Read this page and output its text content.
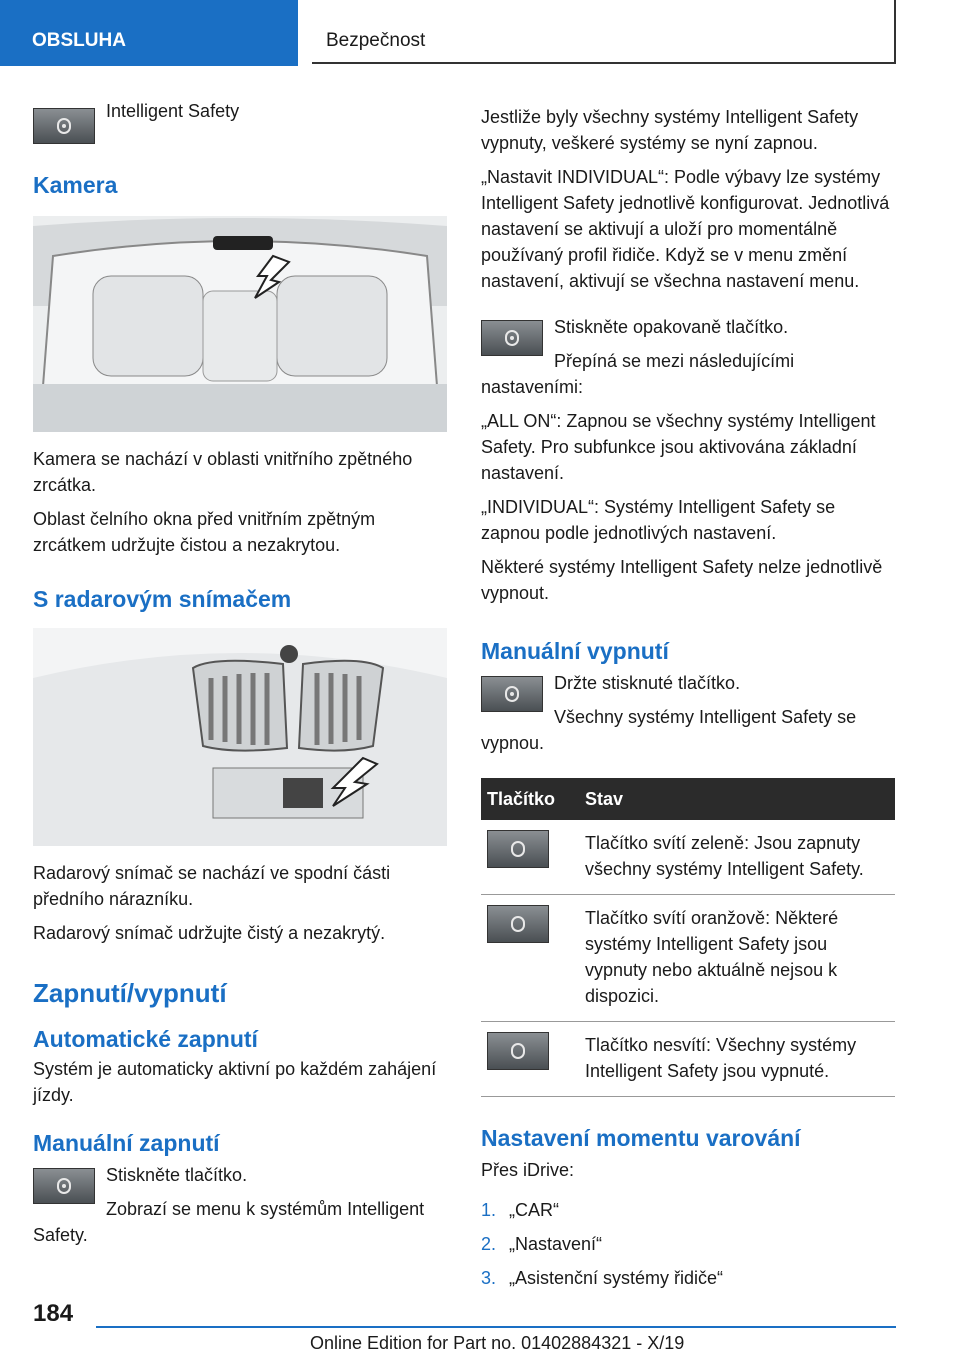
OBSLUHA	Bezpečnost
Intelligent Safety
Kamera

Kamera se nachází v oblasti vnitřního zpětného zrcátka.

Oblast čelního okna před vnitřním zpětným zrcátkem udržujte čistou a nezakrytou.

S radarovým snímačem

Radarový snímač se nachází ve spodní části předního nárazníku.

Radarový snímač udržujte čistý a nezakrytý.

Zapnutí/vypnutí
Automatické zapnutí

Systém je automaticky aktivní po každém zahájení jízdy.

Manuální zapnutí

Stiskněte tlačítko.

Zobrazí se menu k systémům Intelligent Safety.

Jestliže byly všechny systémy Intelligent Safety vypnuty, veškeré systémy se nyní zapnou.

„Nastavit INDIVIDUAL“: Podle výbavy lze systémy Intelligent Safety jednotlivě konfigurovat. Jednotlivá nastavení se aktivují a uloží pro momentálně používaný profil řidiče. Když se v menu změní nastavení, aktivují se všechna nastavení menu.

Stiskněte opakovaně tlačítko.

Přepíná se mezi následujícími nastaveními:

„ALL ON“: Zapnou se všechny systémy Intelligent Safety. Pro subfunkce jsou aktivována základní nastavení.

„INDIVIDUAL“: Systémy Intelligent Safety se zapnou podle jednotlivých nastavení.

Některé systémy Intelligent Safety nelze jednotlivě vypnout.

Manuální vypnutí

Držte stisknuté tlačítko.

Všechny systémy Intelligent Safety se vypnou.

Tlačítko	Stav

	Tlačítko svítí zeleně: Jsou zapnuty všechny systémy Intelligent Safety.

	Tlačítko svítí oranžově: Některé systémy Intelligent Safety jsou vypnuty nebo aktuálně nejsou k dispozici.

	Tlačítko nesvítí: Všechny systémy Intelligent Safety jsou vypnuté.
Nastavení momentu varování

Přes iDrive:

1. „CAR“
2. „Nastavení“
3. „Asistenční systémy řidiče“
184
Online Edition for Part no. 01402884321 - X/19
